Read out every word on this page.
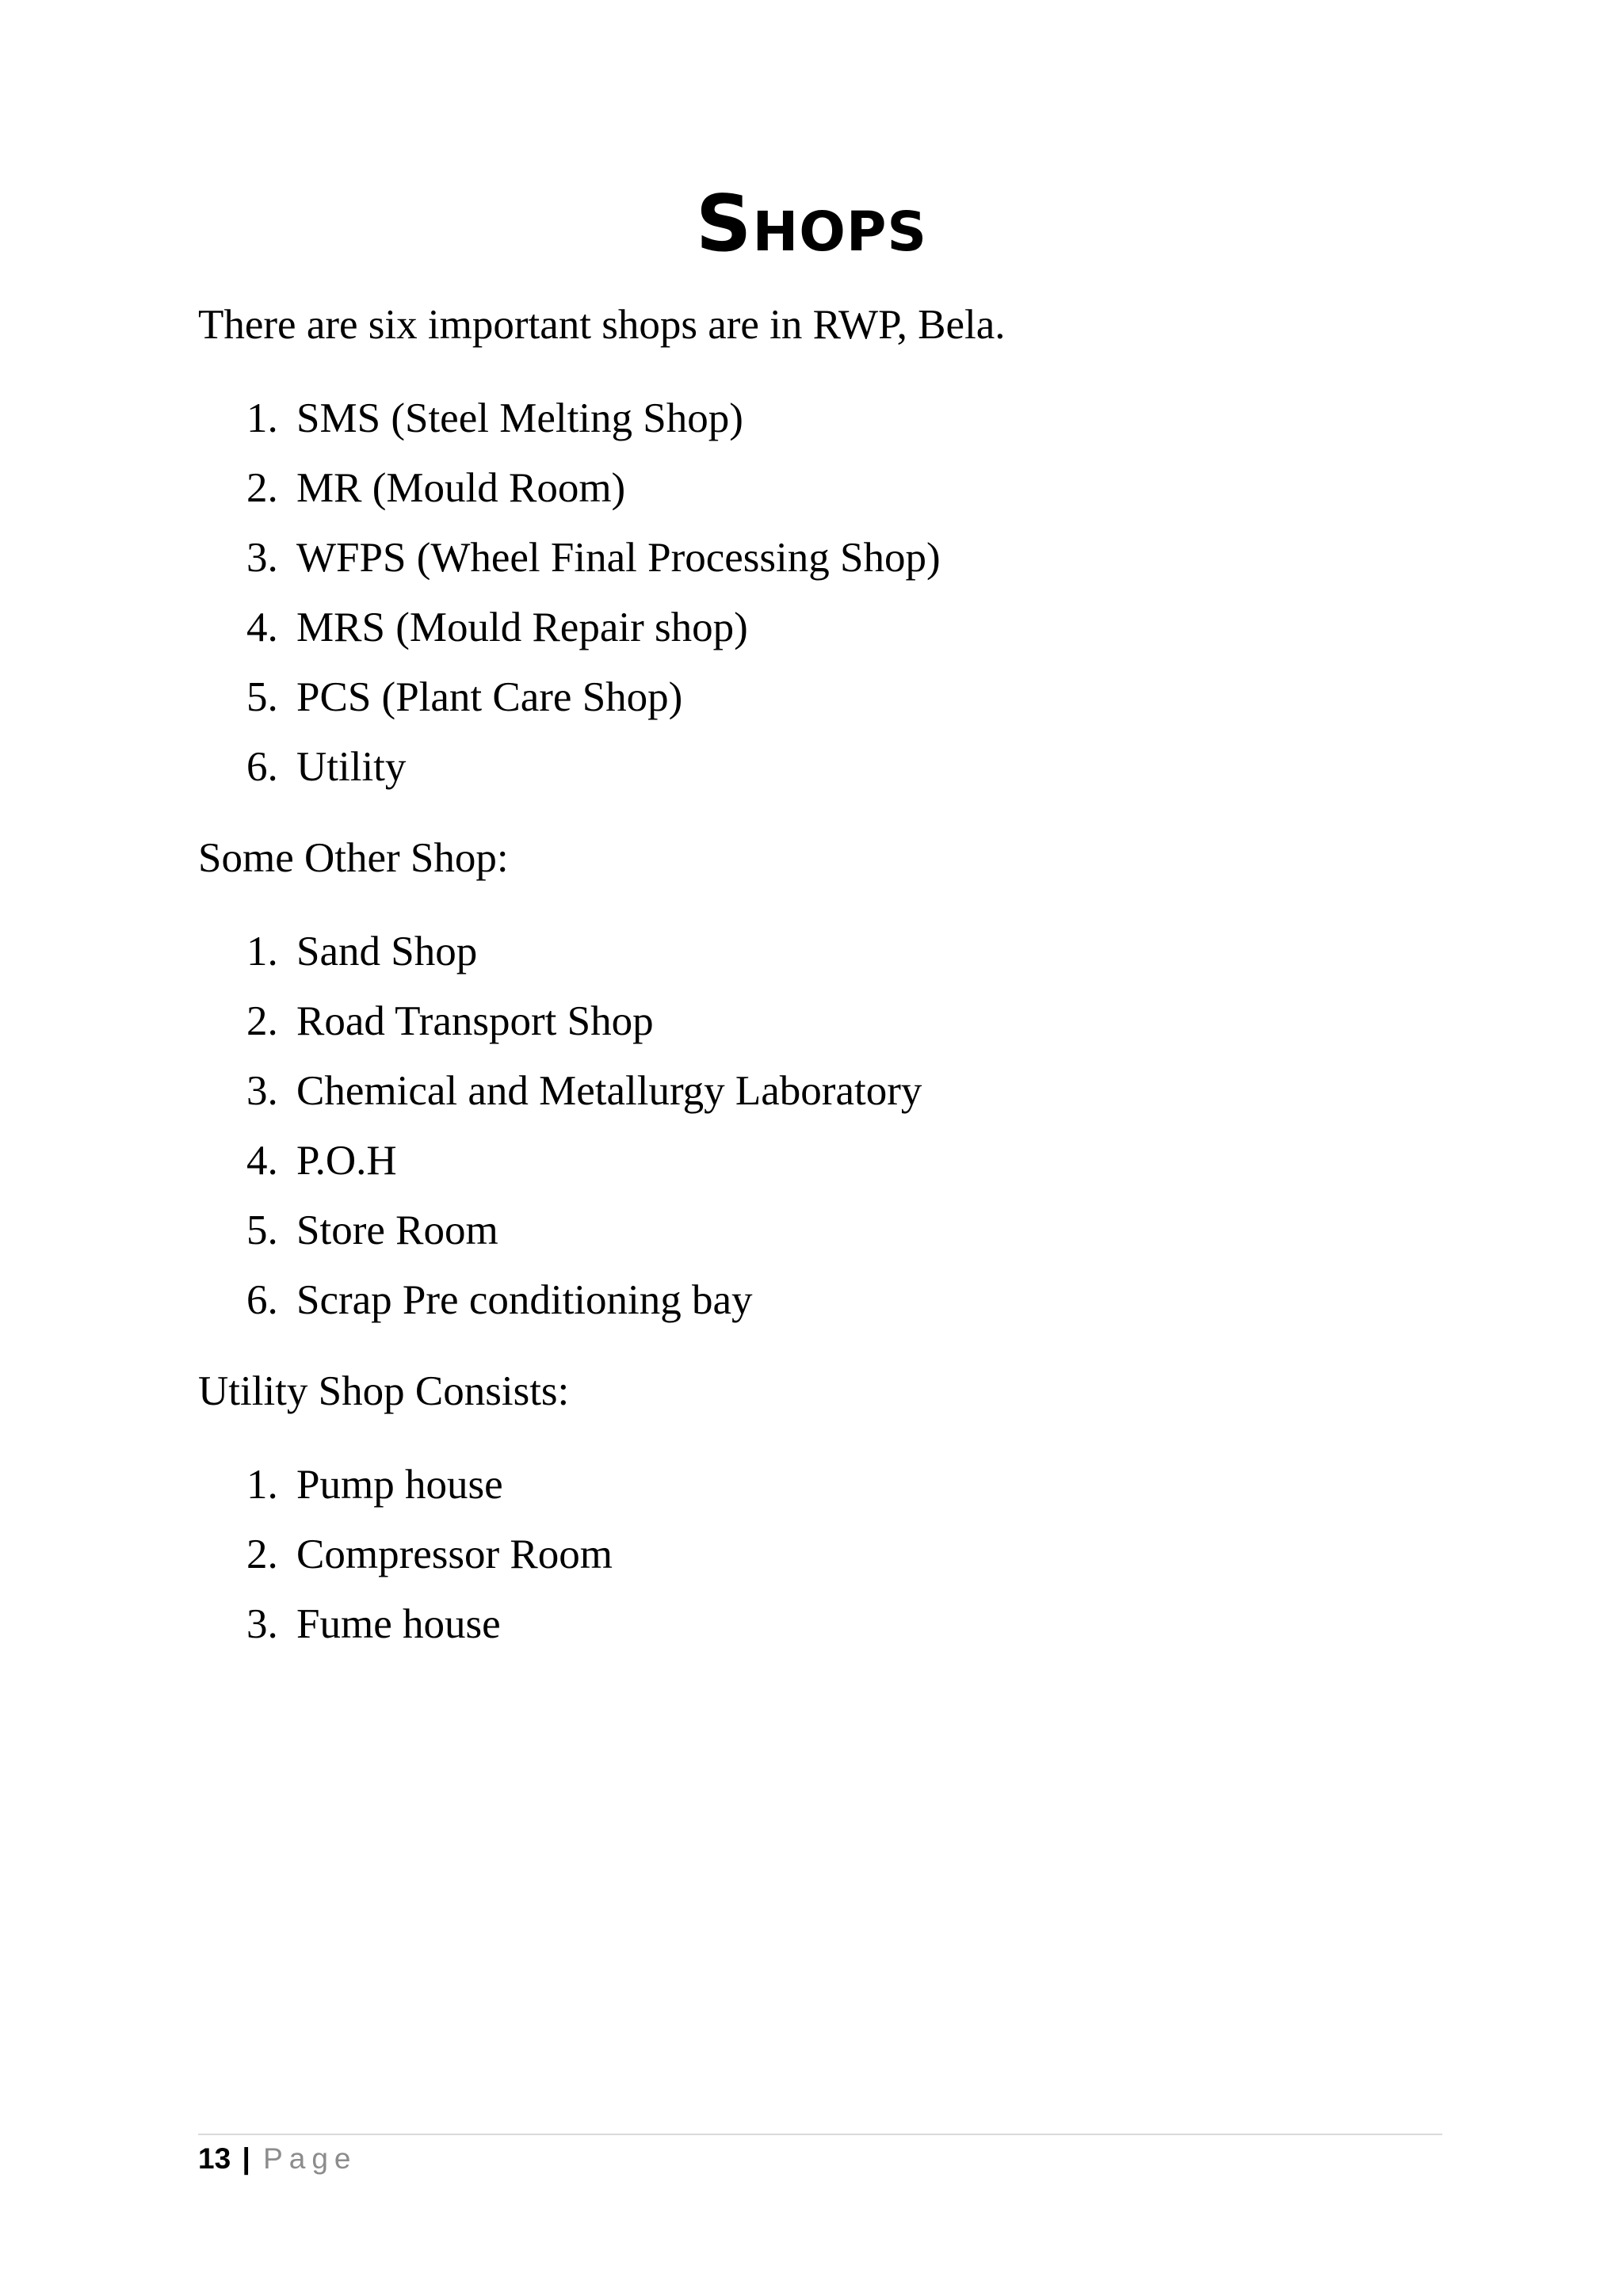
Shops

There are six important shops are in RWP, Bela.

1. SMS (Steel Melting Shop)
2. MR (Mould Room)
3. WFPS (Wheel Final Processing Shop)
4. MRS (Mould Repair shop)
5. PCS (Plant Care Shop)
6. Utility

Some Other Shop:

1. Sand Shop
2. Road Transport Shop
3. Chemical and Metallurgy Laboratory
4. P.O.H
5. Store Room
6. Scrap Pre conditioning bay

Utility Shop Consists:

1. Pump house
2. Compressor Room
3. Fume house
13 | Page
